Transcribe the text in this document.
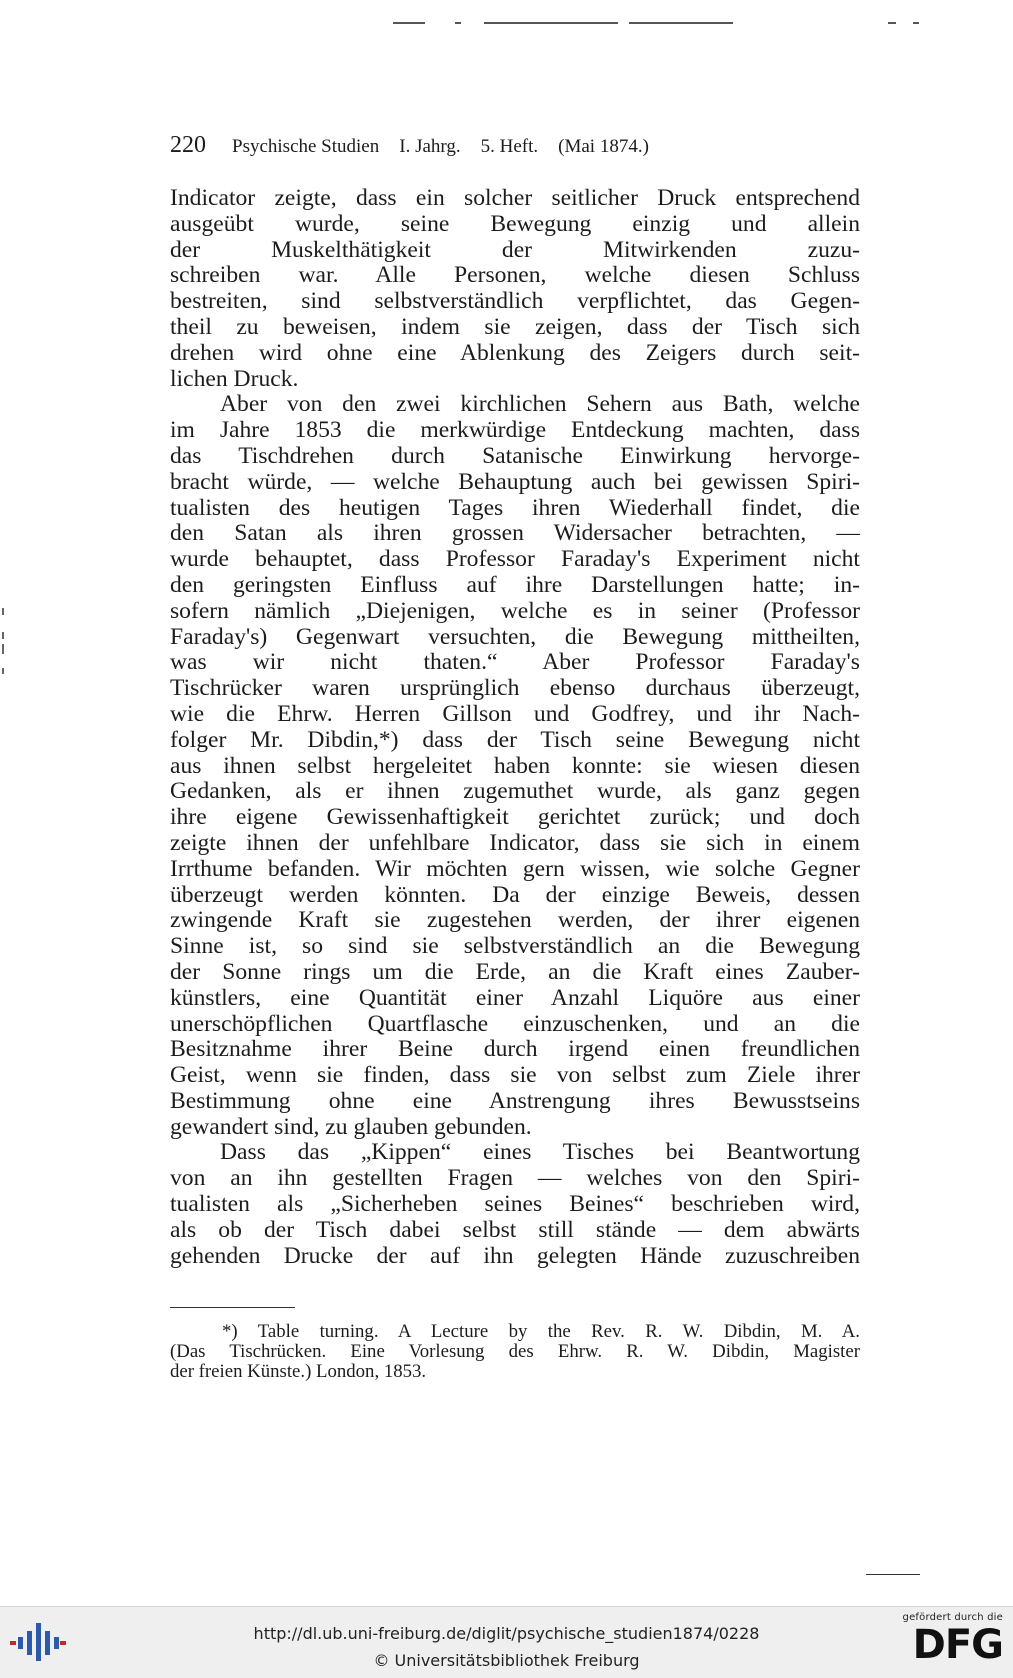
220 Psychische Studien I. Jahrg. 5. Heft. (Mai 1874.)
Indicator zeigte, dass ein solcher seitlicher Druck entsprechend
ausgeübt wurde, seine Bewegung einzig und allein
der Muskelthätigkeit der Mitwirkenden zuzu-
schreiben war. Alle Personen, welche diesen Schluss
bestreiten, sind selbstverständlich verpflichtet, das Gegen-
theil zu beweisen, indem sie zeigen, dass der Tisch sich
drehen wird ohne eine Ablenkung des Zeigers durch seit-
lichen Druck.
Aber von den zwei kirchlichen Sehern aus Bath, welche
im Jahre 1853 die merkwürdige Entdeckung machten, dass
das Tischdrehen durch Satanische Einwirkung hervorge-
bracht würde, — welche Behauptung auch bei gewissen Spiri-
tualisten des heutigen Tages ihren Wiederhall findet, die
den Satan als ihren grossen Widersacher betrachten, —
wurde behauptet, dass Professor Faraday's Experiment nicht
den geringsten Einfluss auf ihre Darstellungen hatte; in-
sofern nämlich „Diejenigen, welche es in seiner (Professor
Faraday's) Gegenwart versuchten, die Bewegung mittheilten,
was wir nicht thaten.“ Aber Professor Faraday's
Tischrücker waren ursprünglich ebenso durchaus überzeugt,
wie die Ehrw. Herren Gillson und Godfrey, und ihr Nach-
folger Mr. Dibdin,*) dass der Tisch seine Bewegung nicht
aus ihnen selbst hergeleitet haben konnte: sie wiesen diesen
Gedanken, als er ihnen zugemuthet wurde, als ganz gegen
ihre eigene Gewissenhaftigkeit gerichtet zurück; und doch
zeigte ihnen der unfehlbare Indicator, dass sie sich in einem
Irrthume befanden. Wir möchten gern wissen, wie solche Gegner
überzeugt werden könnten. Da der einzige Beweis, dessen
zwingende Kraft sie zugestehen werden, der ihrer eigenen
Sinne ist, so sind sie selbstverständlich an die Bewegung
der Sonne rings um die Erde, an die Kraft eines Zauber-
künstlers, eine Quantität einer Anzahl Liquöre aus einer
unerschöpflichen Quartflasche einzuschenken, und an die
Besitznahme ihrer Beine durch irgend einen freundlichen
Geist, wenn sie finden, dass sie von selbst zum Ziele ihrer
Bestimmung ohne eine Anstrengung ihres Bewusstseins
gewandert sind, zu glauben gebunden.
Dass das „Kippen“ eines Tisches bei Beantwortung
von an ihn gestellten Fragen — welches von den Spiri-
tualisten als „Sicherheben seines Beines“ beschrieben wird,
als ob der Tisch dabei selbst still stände — dem abwärts
gehenden Drucke der auf ihn gelegten Hände zuzuschreiben
*) Table turning. A Lecture by the Rev. R. W. Dibdin, M. A.
(Das Tischrücken. Eine Vorlesung des Ehrw. R. W. Dibdin, Magister
der freien Künste.) London, 1853.
http://dl.ub.uni-freiburg.de/diglit/psychische_studien1874/0228
© Universitätsbibliothek Freiburg
gefördert durch die
DFG
